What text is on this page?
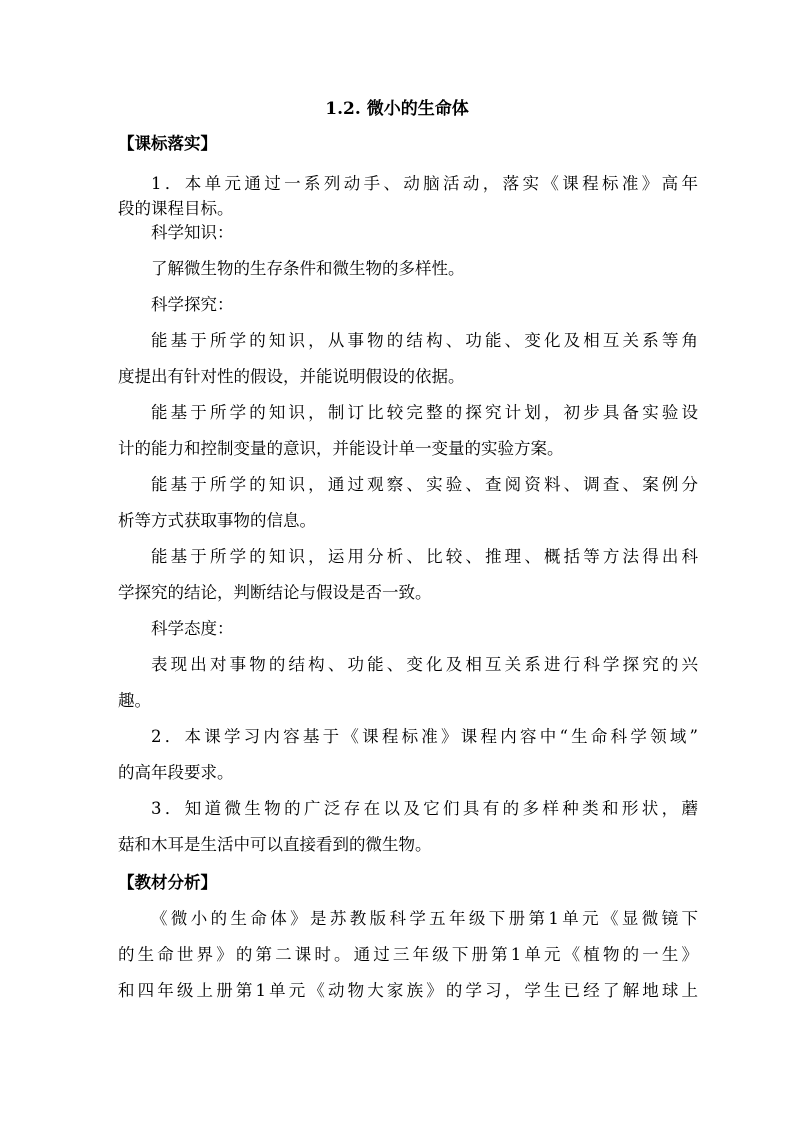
1.2. 微小的生命体
【课标落实】
1．本单元通过一系列动手、动脑活动，落实《课程标准》高年
段的课程目标。
科学知识：
了解微生物的生存条件和微生物的多样性。
科学探究：
能基于所学的知识，从事物的结构、功能、变化及相互关系等角
度提出有针对性的假设，并能说明假设的依据。
能基于所学的知识，制订比较完整的探究计划，初步具备实验设
计的能力和控制变量的意识，并能设计单一变量的实验方案。
能基于所学的知识，通过观察、实验、查阅资料、调查、案例分
析等方式获取事物的信息。
能基于所学的知识，运用分析、比较、推理、概括等方法得出科
学探究的结论，判断结论与假设是否一致。
科学态度：
表现出对事物的结构、功能、变化及相互关系进行科学探究的兴
趣。
2．本课学习内容基于《课程标准》课程内容中“生命科学领域”
的高年段要求。
3．知道微生物的广泛存在以及它们具有的多样种类和形状，蘑
菇和木耳是生活中可以直接看到的微生物。
【教材分析】
《微小的生命体》是苏教版科学五年级下册第1单元《显微镜下
的生命世界》的第二课时。通过三年级下册第1单元《植物的一生》
和四年级上册第1单元《动物大家族》的学习，学生已经了解地球上
